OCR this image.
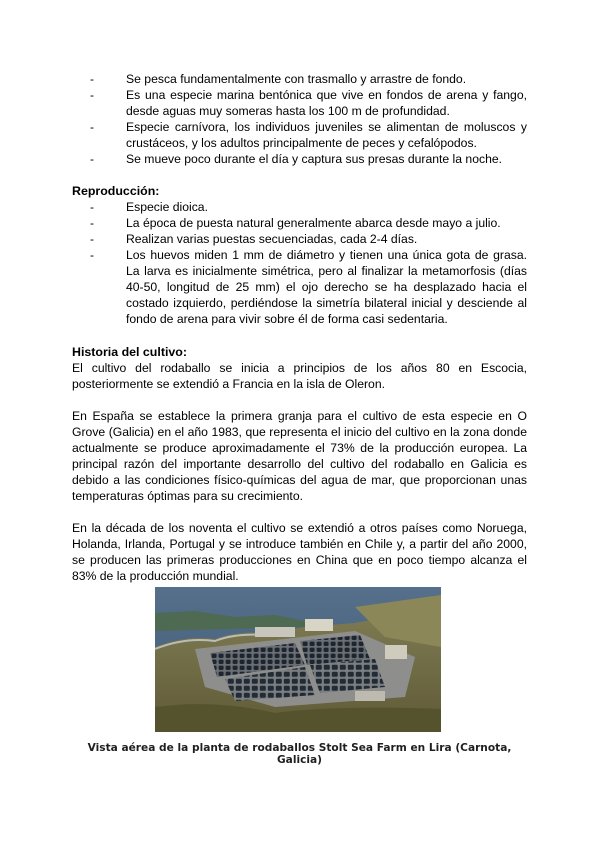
- Se pesca fundamentalmente con trasmallo y arrastre de fondo.
- Es una especie marina bentónica que vive en fondos de arena y fango, desde aguas muy someras hasta los 100 m de profundidad.
- Especie carnívora, los individuos juveniles se alimentan de moluscos y crustáceos, y los adultos principalmente de peces y cefalópodos.
- Se mueve poco durante el día y captura sus presas durante la noche.
Reproducción:
- Especie dioica.
- La época de puesta natural generalmente abarca desde mayo a julio.
- Realizan varias puestas secuenciadas, cada 2-4 días.
- Los huevos miden 1 mm de diámetro y tienen una única gota de grasa. La larva es inicialmente simétrica, pero al finalizar la metamorfosis (días 40-50, longitud de 25 mm) el ojo derecho se ha desplazado hacia el costado izquierdo, perdiéndose la simetría bilateral inicial y desciende al fondo de arena para vivir sobre él de forma casi sedentaria.
Historia del cultivo:

El cultivo del rodaballo se inicia a principios de los años 80 en Escocia, posteriormente se extendió a Francia en la isla de Oleron.

En España se establece la primera granja para el cultivo de esta especie en O Grove (Galicia) en el año 1983, que representa el inicio del cultivo en la zona donde actualmente se produce aproximadamente el 73% de la producción europea. La principal razón del importante desarrollo del cultivo del rodaballo en Galicia es debido a las condiciones físico-químicas del agua de mar, que proporcionan unas temperaturas óptimas para su crecimiento.

En la década de los noventa el cultivo se extendió a otros países como Noruega, Holanda, Irlanda, Portugal y se introduce también en Chile y, a partir del año 2000, se producen las primeras producciones en China que en poco tiempo alcanza el 83% de la producción mundial.

Vista aérea de la planta de rodaballos Stolt Sea Farm en Lira (Carnota, Galicia)
